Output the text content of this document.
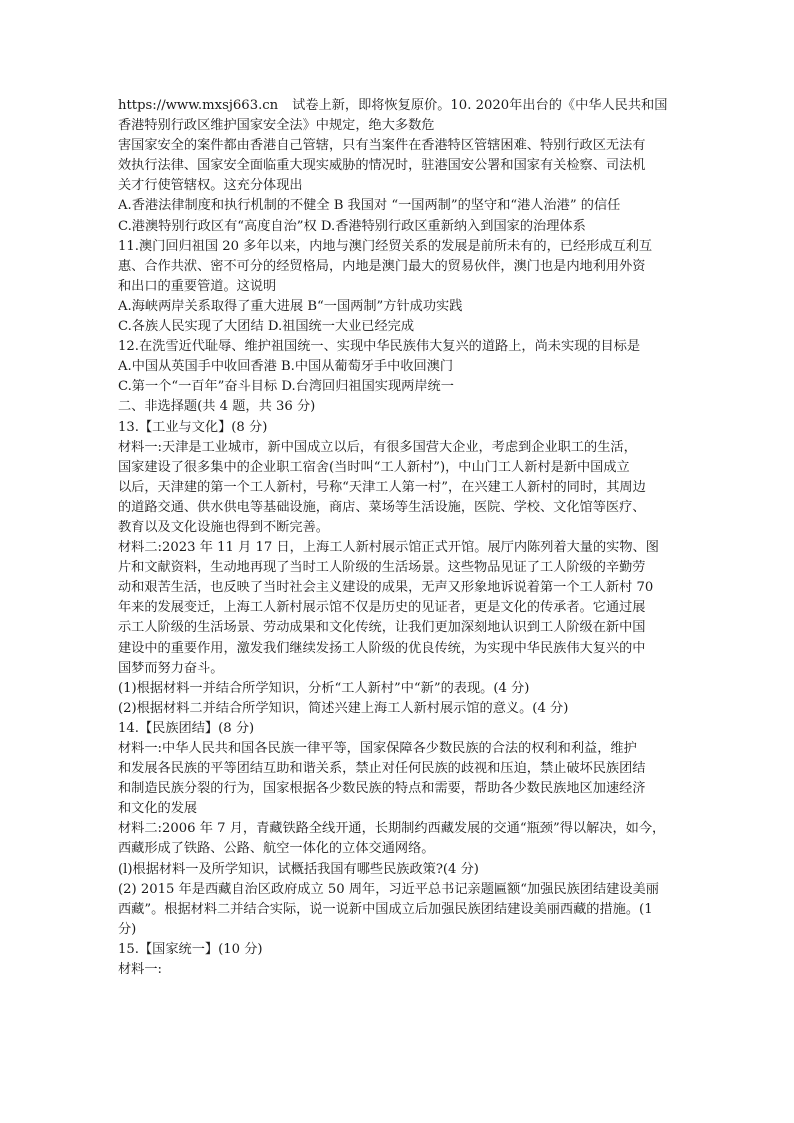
https://www.mxsj663.cn 试卷上新，即将恢复原价。10. 2020年出台的《中华人民共和国
香港特别行政区维护国家安全法》中规定，绝大多数危
害国家安全的案件都由香港自己管辖，只有当案件在香港特区管辖困难、特别行政区无法有
效执行法律、国家安全面临重大现实威胁的情况时，驻港国安公署和国家有关检察、司法机
关才行使管辖权。这充分体现出
A.香港法律制度和执行机制的不健全 B 我国对 “一国两制”的坚守和“港人治港” 的信任
C.港澳特别行政区有“高度自治”权 D.香港特别行政区重新纳入到国家的治理体系
11.澳门回归祖国 20 多年以来，内地与澳门经贸关系的发展是前所未有的，已经形成互利互
惠、合作共洑、密不可分的经贸格局，内地是澳门最大的贸易伙伴，澳门也是内地利用外资
和出口的重要管道。这说明
A.海峡两岸关系取得了重大进展 B“一国两制”方针成功实践
C.各族人民实现了大团结 D.祖国统一大业已经完成
12.在洗雪近代耻辱、维护祖国统一、实现中华民族伟大复兴的道路上，尚未实现的目标是
A.中国从英国手中收回香港 B.中国从葡萄牙手中收回澳门
C.第一个“一百年”奋斗目标 D.台湾回归祖国实现两岸统一
二、非选择题(共 4 题，共 36 分)
13.【工业与文化】(8 分)
材料一:天津是工业城市，新中国成立以后，有很多国营大企业，考虑到企业职工的生活，
国家建设了很多集中的企业职工宿舍(当时叫“工人新村”)，中山门工人新村是新中国成立
以后，天津建的第一个工人新村，号称“天津工人第一村”，在兴建工人新村的同时，其周边
的道路交通、供水供电等基础设施，商店、菜场等生活设施，医院、学校、文化馆等医疗、
教育以及文化设施也得到不断完善。
材料二:2023 年 11 月 17 日，上海工人新村展示馆正式开馆。展厅内陈列着大量的实物、图
片和文献资料，生动地再现了当时工人阶级的生活场景。这些物品见证了工人阶级的辛勤劳
动和艰苦生活，也反映了当时社会主义建设的成果，无声又形象地诉说着第一个工人新村 70
年来的发展变迁，上海工人新村展示馆不仅是历史的见证者，更是文化的传承者。它通过展
示工人阶级的生活场景、劳动成果和文化传统，让我们更加深刻地认识到工人阶级在新中国
建设中的重要作用，激发我们继续发扬工人阶级的优良传统，为实现中华民族伟大复兴的中
国梦而努力奋斗。
(1)根据材料一并结合所学知识，分析“工人新村”中“新”的表现。(4 分)
(2)根据材料二并结合所学知识，简述兴建上海工人新村展示馆的意义。(4 分)
14.【民族团结】(8 分)
材料一:中华人民共和国各民族一律平等，国家保障各少数民族的合法的权利和利益，维护
和发展各民族的平等团结互助和谐关系，禁止对任何民族的歧视和压迫，禁止破坏民族团结
和制造民族分裂的行为，国家根据各少数民族的特点和需要，帮助各少数民族地区加速经济
和文化的发展
材料二:2006 年 7 月，青藏铁路全线开通，长期制约西藏发展的交通“瓶颈”得以解决，如今，
西藏形成了铁路、公路、航空一体化的立体交通网络。
(l)根据材料一及所学知识，试概括我国有哪些民族政策?(4 分)
(2) 2015 年是西藏自治区政府成立 50 周年，习近平总书记亲题匾额“加强民族团结建设美丽
西藏”。根据材料二并结合实际，说一说新中国成立后加强民族团结建设美丽西藏的措施。(1
分)
15.【国家统一】(10 分)
材料一:
